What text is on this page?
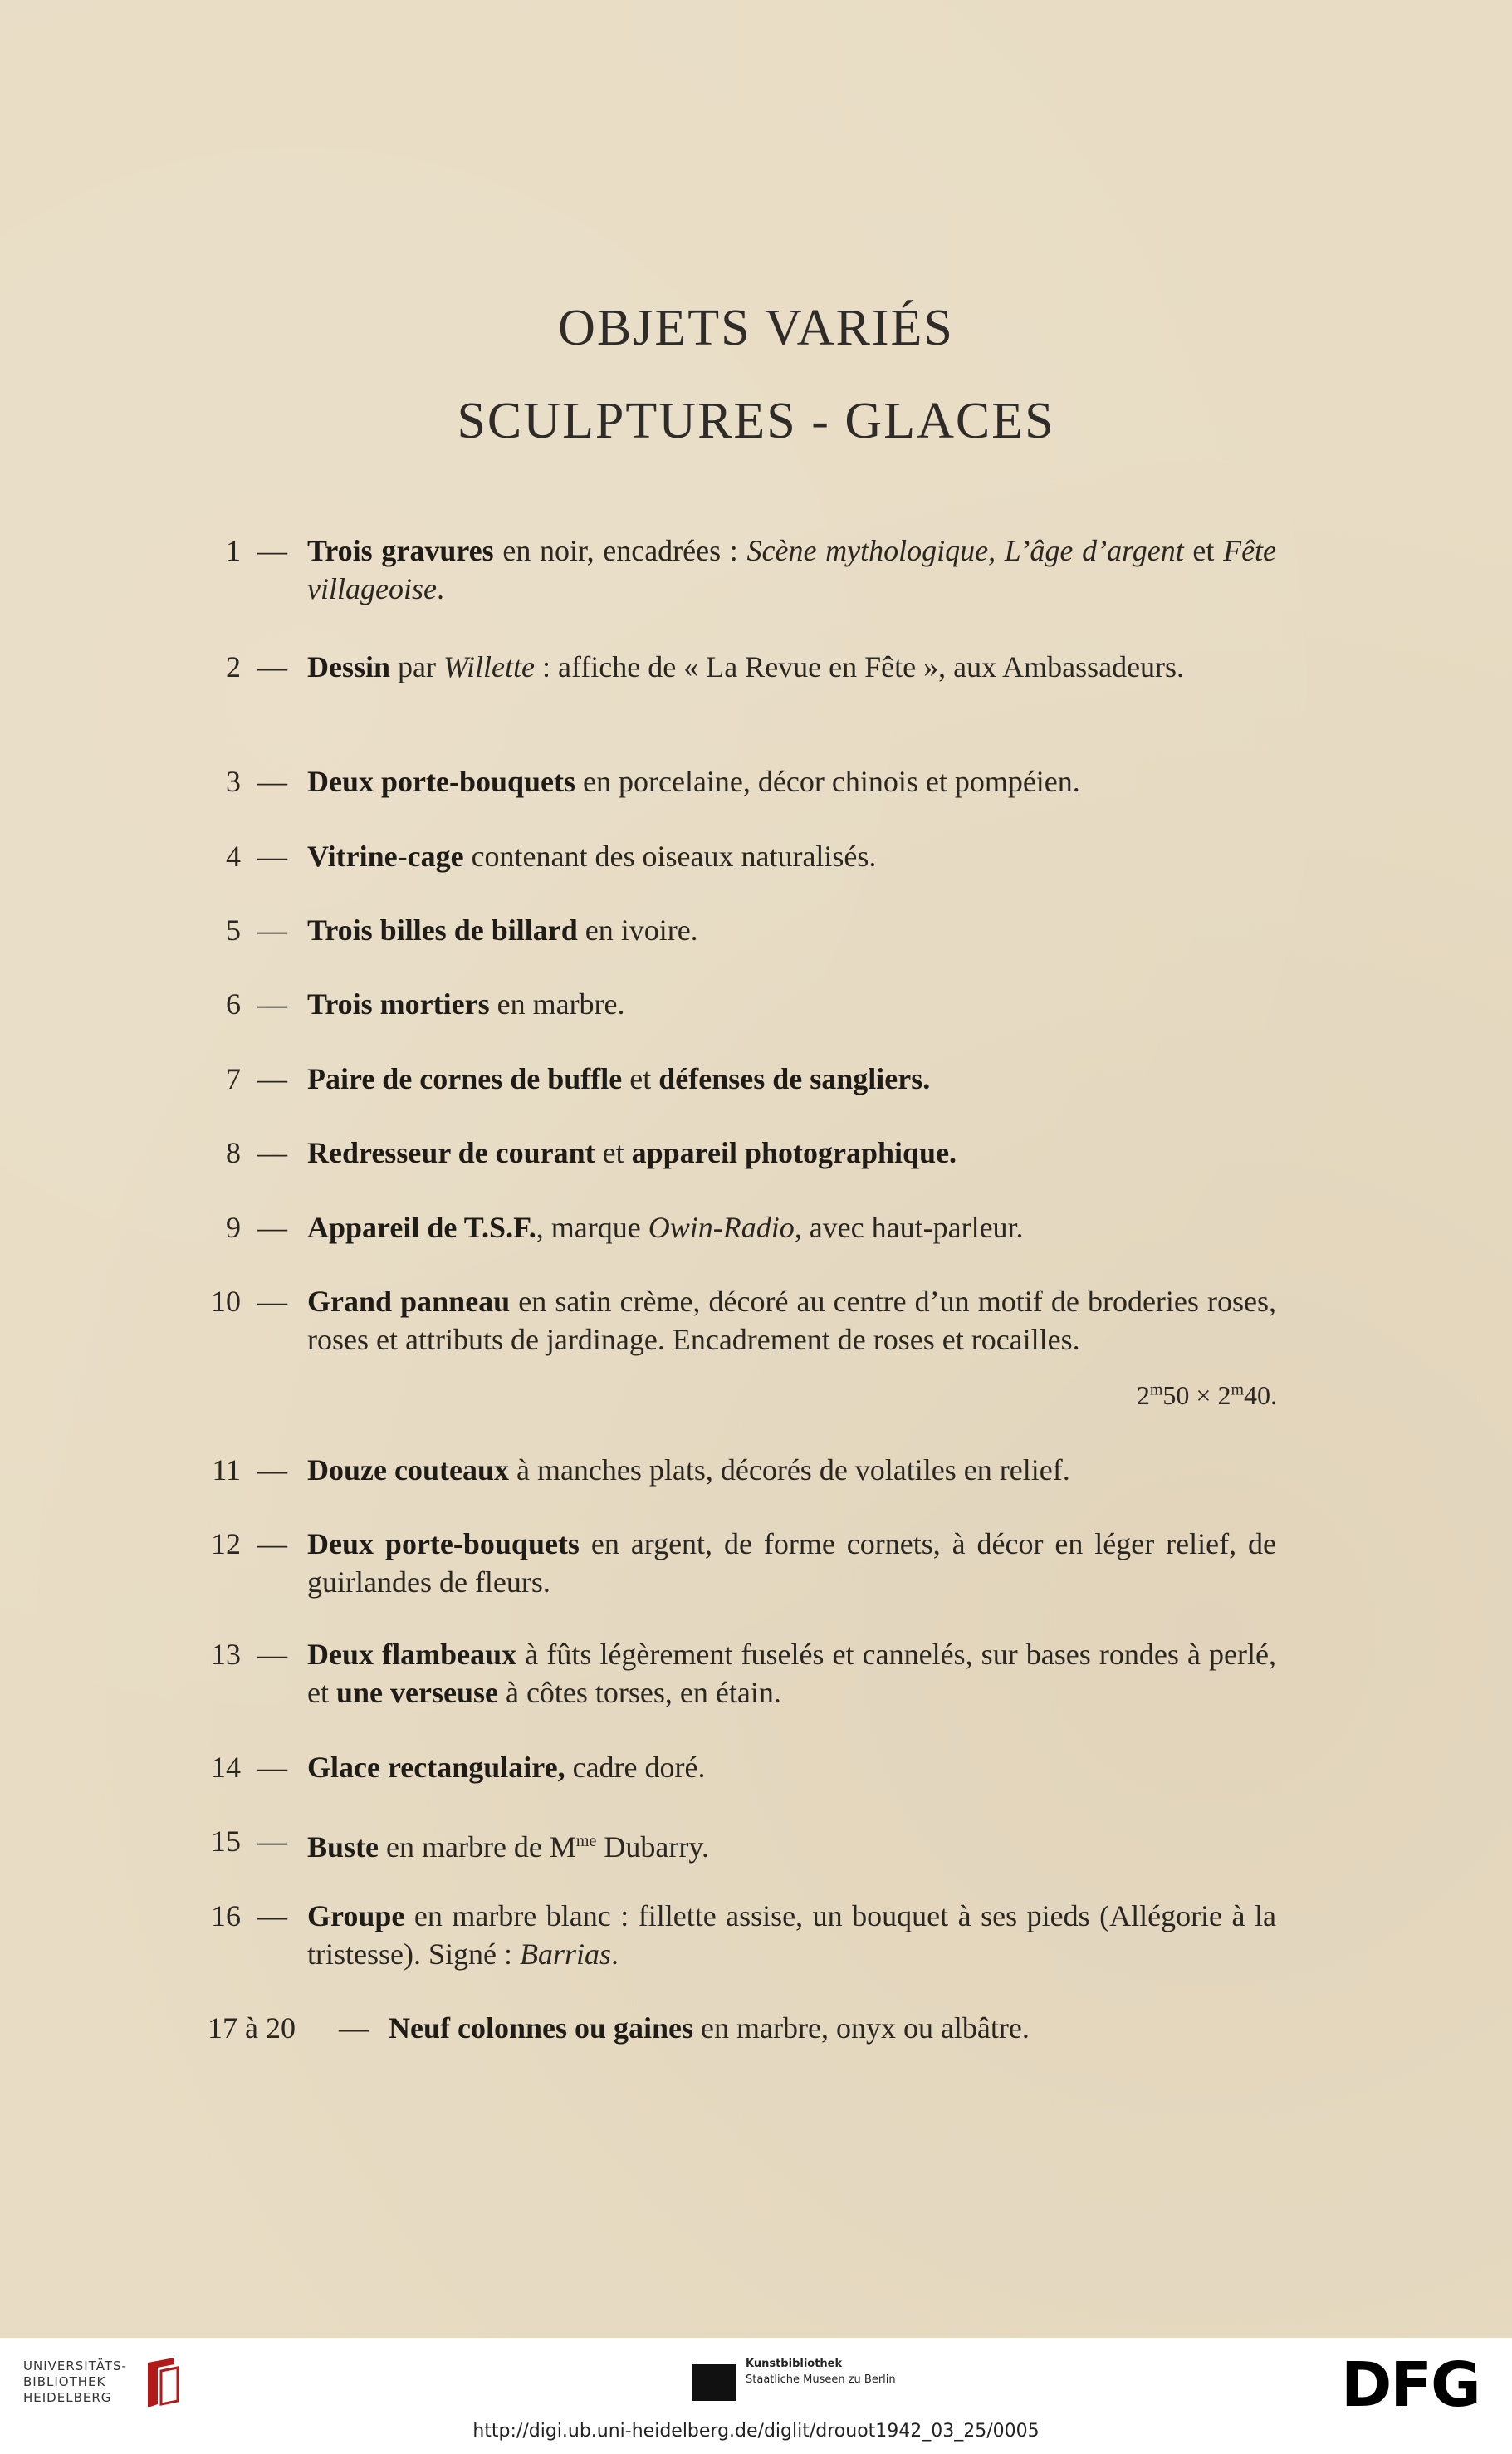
OBJETS VARIÉS
SCULPTURES - GLACES
1 — Trois gravures en noir, encadrées : Scène mythologique, L’âge d’argent et Fête villageoise.
2 — Dessin par Willette : affiche de « La Revue en Fête », aux Ambassadeurs.
3 — Deux porte-bouquets en porcelaine, décor chinois et pompéien.
4 — Vitrine-cage contenant des oiseaux naturalisés.
5 — Trois billes de billard en ivoire.
6 — Trois mortiers en marbre.
7 — Paire de cornes de buffle et défenses de sangliers.
8 — Redresseur de courant et appareil photographique.
9 — Appareil de T.S.F., marque Owin-Radio, avec haut-parleur.
10 — Grand panneau en satin crème, décoré au centre d’un motif de broderies roses, roses et attributs de jardinage. Encadrement de roses et rocailles.
$2^m50 \times 2^m40$.
11 — Douze couteaux à manches plats, décorés de volatiles en relief.
12 — Deux porte-bouquets en argent, de forme cornets, à décor en léger relief, de guirlandes de fleurs.
13 — Deux flambeaux à fûts légèrement fuselés et cannelés, sur bases rondes à perlé, et une verseuse à côtes torses, en étain.
14 — Glace rectangulaire, cadre doré.
15 — Buste en marbre de $M^{me}$ Dubarry.
16 — Groupe en marbre blanc : fillette assise, un bouquet à ses pieds (Allégorie à la tristesse). Signé : Barrias.
17 à 20	— Neuf colonnes ou gaines en marbre, onyx ou albâtre.
UNIVERSITÄTS-
BIBLIOTHEK
HEIDELBERG
Kunstbibliothek
Staatliche Museen zu Berlin	DFG
http://digi.ub.uni-heidelberg.de/diglit/drouot1942_03_25/0005
